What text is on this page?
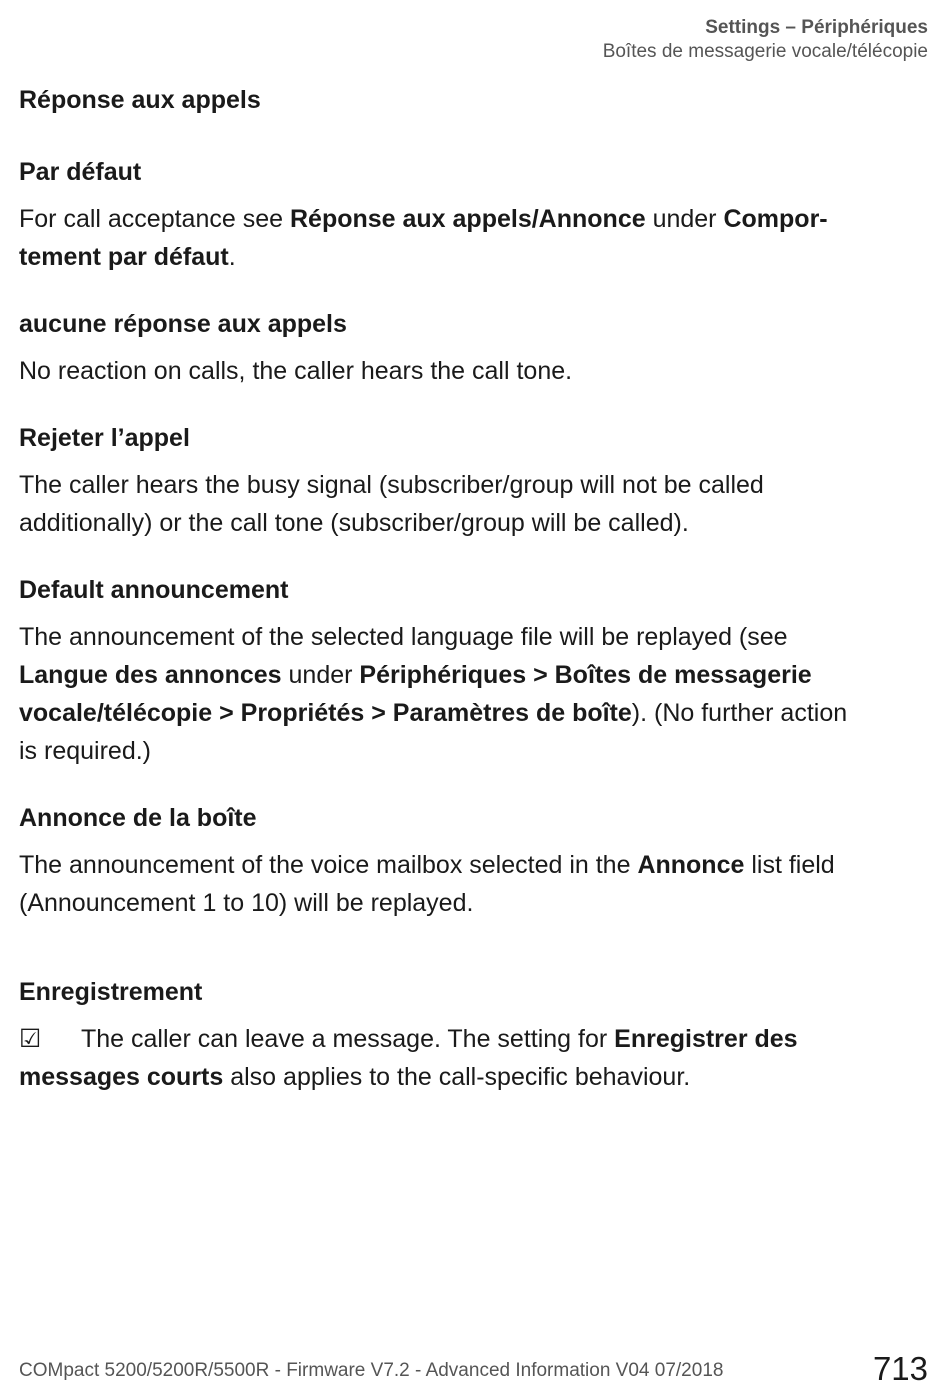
Settings – Périphériques
Boîtes de messagerie vocale/télécopie
Réponse aux appels
Par défaut

For call acceptance see Réponse aux appels/Annonce under Compor-
tement par défaut.

aucune réponse aux appels

No reaction on calls, the caller hears the call tone.

Rejeter l’appel

The caller hears the busy signal (subscriber/group will not be called
additionally) or the call tone (subscriber/group will be called).

Default announcement

The announcement of the selected language file will be replayed (see
Langue des annonces under Périphériques > Boîtes de messagerie
vocale/télécopie > Propriétés > Paramètres de boîte). (No further action
is required.)

Annonce de la boîte

The announcement of the voice mailbox selected in the Annonce list field
(Announcement 1 to 10) will be replayed.

Enregistrement

☑ The caller can leave a message. The setting for Enregistrer des
messages courts also applies to the call-specific behaviour.

COMpact 5200/5200R/5500R - Firmware V7.2 - Advanced Information V04 07/2018	713
